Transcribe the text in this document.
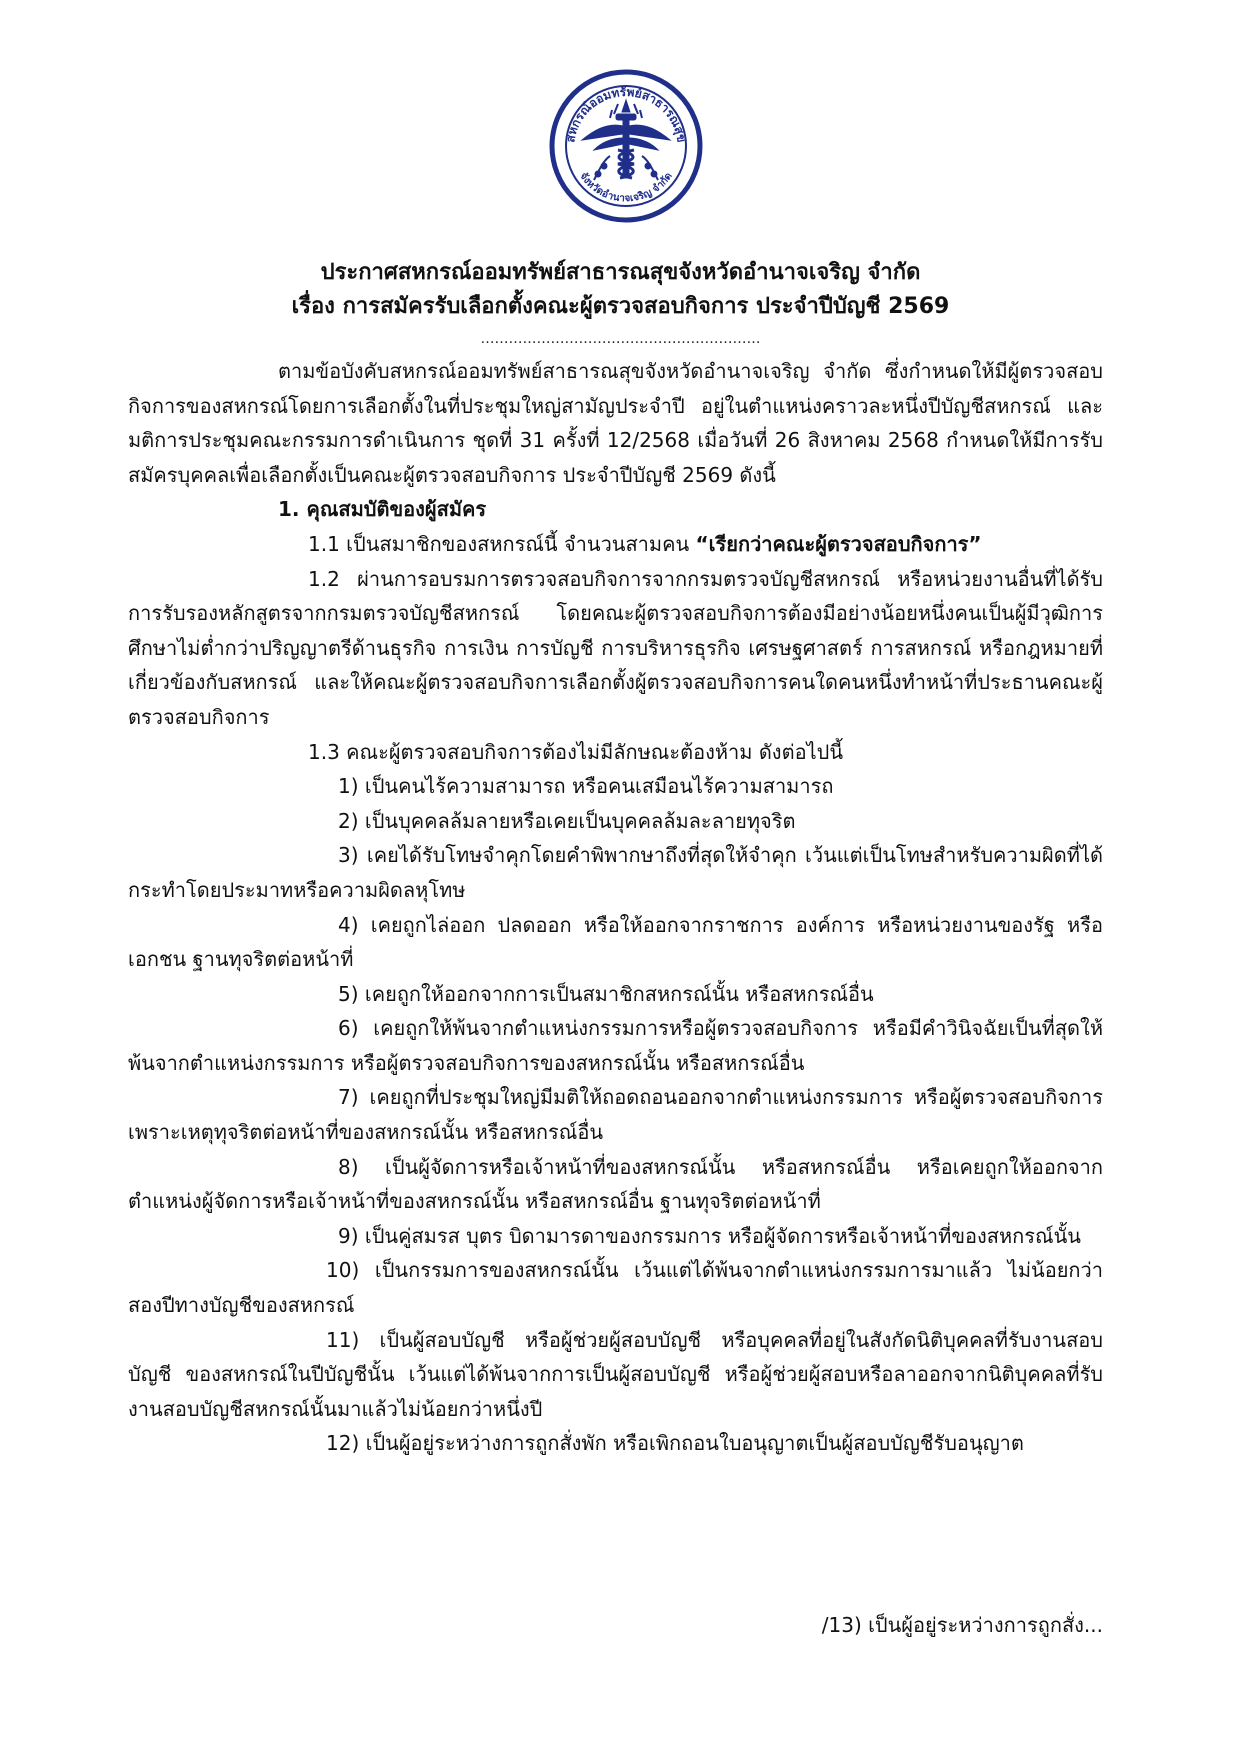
สหกรณ์ออมทรัพย์สาธารณสุข
จังหวัดอำนาจเจริญ จำกัด
ประกาศสหกรณ์ออมทรัพย์สาธารณสุขจังหวัดอำนาจเจริญ จำกัด
เรื่อง การสมัครรับเลือกตั้งคณะผู้ตรวจสอบกิจการ ประจำปีบัญชี 2569
……………………………………………………

ตามข้อบังคับสหกรณ์ออมทรัพย์สาธารณสุขจังหวัดอำนาจเจริญ จำกัด ซึ่งกำหนดให้มีผู้ตรวจสอบกิจการของสหกรณ์โดยการเลือกตั้งในที่ประชุมใหญ่สามัญประจำปี อยู่ในตำแหน่งคราวละหนึ่งปีบัญชีสหกรณ์ และมติการประชุมคณะกรรมการดำเนินการ ชุดที่ 31 ครั้งที่ 12/2568 เมื่อวันที่ 26 สิงหาคม 2568 กำหนดให้มีการรับสมัครบุคคลเพื่อเลือกตั้งเป็นคณะผู้ตรวจสอบกิจการ ประจำปีบัญชี 2569 ดังนี้

1. คุณสมบัติของผู้สมัคร

1.1 เป็นสมาชิกของสหกรณ์นี้ จำนวนสามคน “เรียกว่าคณะผู้ตรวจสอบกิจการ”

1.2 ผ่านการอบรมการตรวจสอบกิจการจากกรมตรวจบัญชีสหกรณ์ หรือหน่วยงานอื่นที่ได้รับการรับรองหลักสูตรจากกรมตรวจบัญชีสหกรณ์ โดยคณะผู้ตรวจสอบกิจการต้องมีอย่างน้อยหนึ่งคนเป็นผู้มีวุฒิการศึกษาไม่ต่ำกว่าปริญญาตรีด้านธุรกิจ การเงิน การบัญชี การบริหารธุรกิจ เศรษฐศาสตร์ การสหกรณ์ หรือกฎหมายที่เกี่ยวข้องกับสหกรณ์ และให้คณะผู้ตรวจสอบกิจการเลือกตั้งผู้ตรวจสอบกิจการคนใดคนหนึ่งทำหน้าที่ประธานคณะผู้ตรวจสอบกิจการ

1.3 คณะผู้ตรวจสอบกิจการต้องไม่มีลักษณะต้องห้าม ดังต่อไปนี้

1) เป็นคนไร้ความสามารถ หรือคนเสมือนไร้ความสามารถ

2) เป็นบุคคลล้มลายหรือเคยเป็นบุคคลล้มละลายทุจริต

3) เคยได้รับโทษจำคุกโดยคำพิพากษาถึงที่สุดให้จำคุก เว้นแต่เป็นโทษสำหรับความผิดที่ได้กระทำโดยประมาทหรือความผิดลหุโทษ

4) เคยถูกไล่ออก ปลดออก หรือให้ออกจากราชการ องค์การ หรือหน่วยงานของรัฐ หรือเอกชน ฐานทุจริตต่อหน้าที่

5) เคยถูกให้ออกจากการเป็นสมาชิกสหกรณ์นั้น หรือสหกรณ์อื่น

6) เคยถูกให้พ้นจากตำแหน่งกรรมการหรือผู้ตรวจสอบกิจการ หรือมีคำวินิจฉัยเป็นที่สุดให้พ้นจากตำแหน่งกรรมการ หรือผู้ตรวจสอบกิจการของสหกรณ์นั้น หรือสหกรณ์อื่น

7) เคยถูกที่ประชุมใหญ่มีมติให้ถอดถอนออกจากตำแหน่งกรรมการ หรือผู้ตรวจสอบกิจการ เพราะเหตุทุจริตต่อหน้าที่ของสหกรณ์นั้น หรือสหกรณ์อื่น

8) เป็นผู้จัดการหรือเจ้าหน้าที่ของสหกรณ์นั้น หรือสหกรณ์อื่น หรือเคยถูกให้ออกจากตำแหน่งผู้จัดการหรือเจ้าหน้าที่ของสหกรณ์นั้น หรือสหกรณ์อื่น ฐานทุจริตต่อหน้าที่

9) เป็นคู่สมรส บุตร บิดามารดาของกรรมการ หรือผู้จัดการหรือเจ้าหน้าที่ของสหกรณ์นั้น

10) เป็นกรรมการของสหกรณ์นั้น เว้นแต่ได้พ้นจากตำแหน่งกรรมการมาแล้ว ไม่น้อยกว่าสองปีทางบัญชีของสหกรณ์

11) เป็นผู้สอบบัญชี หรือผู้ช่วยผู้สอบบัญชี หรือบุคคลที่อยู่ในสังกัดนิติบุคคลที่รับงานสอบบัญชี ของสหกรณ์ในปีบัญชีนั้น เว้นแต่ได้พ้นจากการเป็นผู้สอบบัญชี หรือผู้ช่วยผู้สอบหรือลาออกจากนิติบุคคลที่รับงานสอบบัญชีสหกรณ์นั้นมาแล้วไม่น้อยกว่าหนึ่งปี

12) เป็นผู้อยู่ระหว่างการถูกสั่งพัก หรือเพิกถอนใบอนุญาตเป็นผู้สอบบัญชีรับอนุญาต

/13) เป็นผู้อยู่ระหว่างการถูกสั่ง...
